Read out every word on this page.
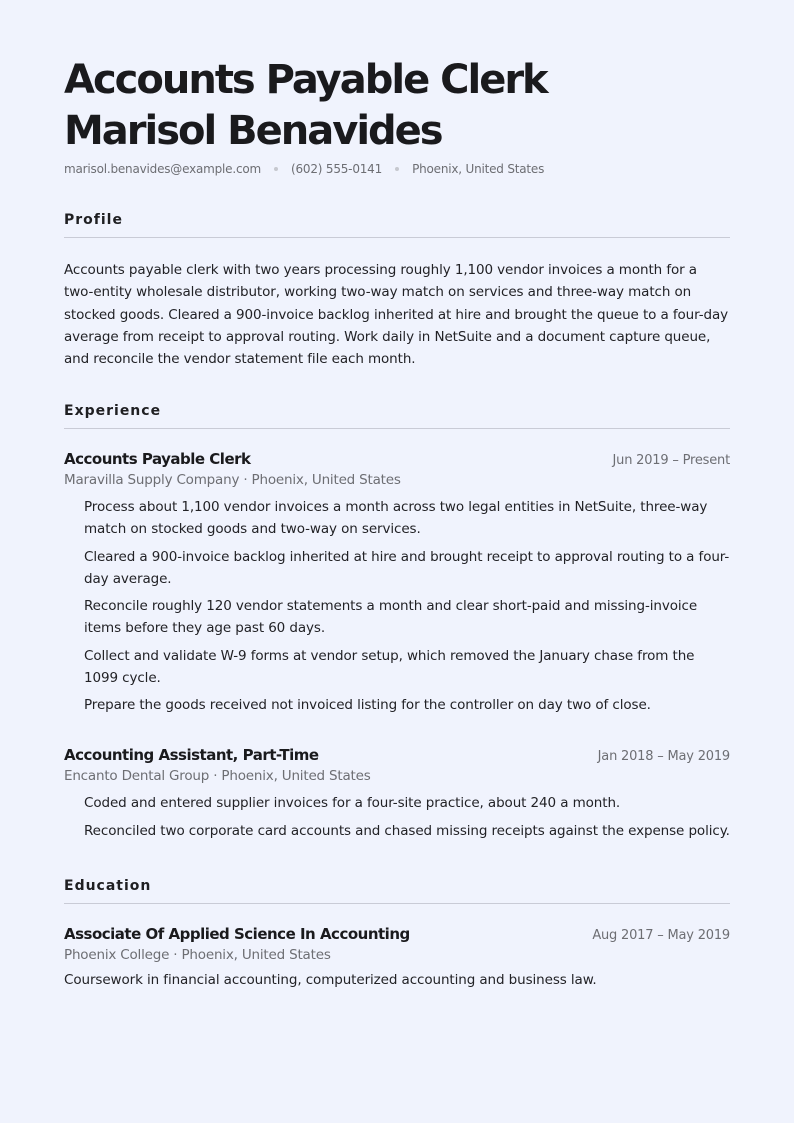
Accounts Payable Clerk
Marisol Benavides
marisol.benavides@example.com	(602) 555-0141	Phoenix, United States
Profile
Accounts payable clerk with two years processing roughly 1,100 vendor invoices a month for a two-entity wholesale distributor, working two-way match on services and three-way match on stocked goods. Cleared a 900-invoice backlog inherited at hire and brought the queue to a four-day average from receipt to approval routing. Work daily in NetSuite and a document capture queue, and reconcile the vendor statement file each month.
Experience
Accounts Payable Clerk	Jun 2019 – Present
Maravilla Supply Company · Phoenix, United States
Process about 1,100 vendor invoices a month across two legal entities in NetSuite, three-way match on stocked goods and two-way on services.
Cleared a 900-invoice backlog inherited at hire and brought receipt to approval routing to a four-day average.
Reconcile roughly 120 vendor statements a month and clear short-paid and missing-invoice items before they age past 60 days.
Collect and validate W-9 forms at vendor setup, which removed the January chase from the 1099 cycle.
Prepare the goods received not invoiced listing for the controller on day two of close.
Accounting Assistant, Part-Time	Jan 2018 – May 2019
Encanto Dental Group · Phoenix, United States
Coded and entered supplier invoices for a four-site practice, about 240 a month.
Reconciled two corporate card accounts and chased missing receipts against the expense policy.
Education
Associate Of Applied Science In Accounting	Aug 2017 – May 2019
Phoenix College · Phoenix, United States
Coursework in financial accounting, computerized accounting and business law.
